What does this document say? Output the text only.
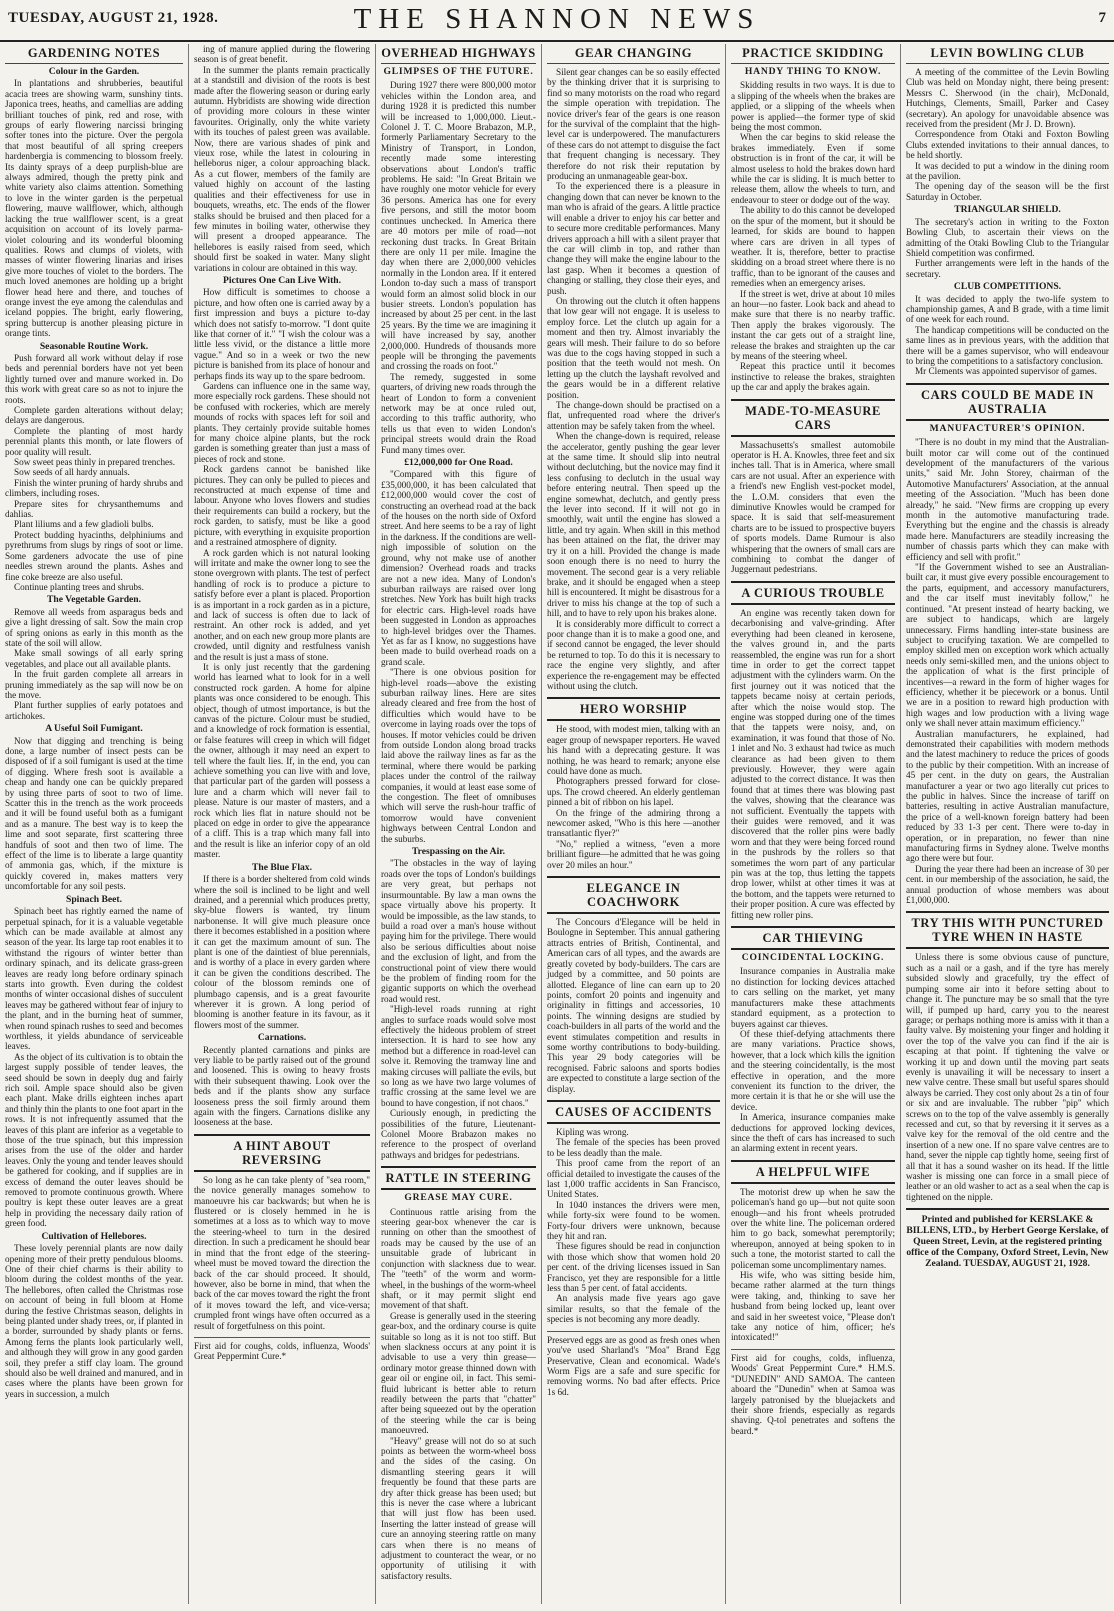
TUESDAY, AUGUST 21, 1928.	THE SHANNON NEWS	7
GARDENING NOTES
Colour in the Garden.
In plantations and shrubberies, beautiful acacia trees are showing warm, sunshiny tints. Japonica trees, heaths, and camellias are adding brilliant touches of pink, red and rose, with groups of early flowering narcissi bringing softer tones into the picture. Over the pergola that most beautiful of all spring creepers hardenbergia is commencing to blossom freely. Its dainty sprays of a deep purplish-blue are always admired, though the pretty pink and white variety also claims attention. Something to love in the winter garden is the perpetual flowering, mauve wallflower, which, although lacking the true wallflower scent, is a great acquisition on account of its lovely parma-violet colouring and its wonderful blooming qualities. Rows and clumps of violets, with masses of winter flowering linarias and irises give more touches of violet to the borders. The much loved anemones are holding up a bright flower head here and there, and touches of orange invest the eye among the calendulas and iceland poppies. The bright, early flowering, spring buttercup is another pleasing picture in orange tints.
Seasonable Routine Work.
Push forward all work without delay if rose beds and perennial borders have not yet been lightly turned over and manure worked in. Do this work with great care so as not to injure the roots.
Complete garden alterations without delay; delays are dangerous.
Complete the planting of most hardy perennial plants this month, or late flowers of poor quality will result.
Sow sweet peas thinly in prepared trenches.
Sow seeds of all hardy annuals.
Finish the winter pruning of hardy shrubs and climbers, including roses.
Prepare sites for chrysanthemums and dahlias.
Plant liliums and a few gladioli bulbs.
Protect budding hyacinths, delphiniums and pyrethrums from slugs by rings of soot or lime. Some gardeners advocate the use of pine needles strewn around the plants. Ashes and fine coke breeze are also useful.
Continue planting trees and shrubs.
The Vegetable Garden.
Remove all weeds from asparagus beds and give a light dressing of salt. Sow the main crop of spring onions as early in this month as the state of the soil will allow.
Make small sowings of all early spring vegetables, and place out all available plants.
In the fruit garden complete all arrears in pruning immediately as the sap will now be on the move.
Plant further supplies of early potatoes and artichokes.
A Useful Soil Fumigant.
Now that digging and trenching is being done, a large number of insect pests can be disposed of if a soil fumigant is used at the time of digging. Where fresh soot is available a cheap and handy one can be quickly prepared by using three parts of soot to two of lime. Scatter this in the trench as the work proceeds and it will be found useful both as a fumigant and as a manure. The best way is to keep the lime and soot separate, first scattering three handfuls of soot and then two of lime. The effect of the lime is to liberate a large quantity of ammonia gas, which, if the mixture is quickly covered in, makes matters very uncomfortable for any soil pests.
Spinach Beet.
Spinach beet has rightly earned the name of perpetual spinach, for it is a valuable vegetable which can be made available at almost any season of the year. Its large tap root enables it to withstand the rigours of winter better than ordinary spinach, and its delicate grass-green leaves are ready long before ordinary spinach starts into growth. Even during the coldest months of winter occasional dishes of succulent leaves may be gathered without fear of injury to the plant, and in the burning heat of summer, when round spinach rushes to seed and becomes worthless, it yields abundance of serviceable leaves.
As the object of its cultivation is to obtain the largest supply possible of tender leaves, the seed should be sown in deeply dug and fairly rich soil. Ample space should also be given each plant. Make drills eighteen inches apart and thinly thin the plants to one foot apart in the rows. It is not infrequently assumed that the leaves of this plant are inferior as a vegetable to those of the true spinach, but this impression arises from the use of the older and harder leaves. Only the young and tender leaves should be gathered for cooking, and if supplies are in excess of demand the outer leaves should be removed to promote continuous growth. Where poultry is kept these outer leaves are a great help in providing the necessary daily ration of green food.
Cultivation of Hellebores.
These lovely perennial plants are now daily opening more of their pretty pendulous blooms. One of their chief charms is their ability to bloom during the coldest months of the year. The hellebores, often called the Christmas rose on account of being in full bloom at Home during the festive Christmas season, delights in being planted under shady trees, or, if planted in a border, surrounded by shady plants or ferns. Among ferns the plants look particularly well, and although they will grow in any good garden soil, they prefer a stiff clay loam. The ground should also be well drained and manured, and in cases where the plants have been grown for years in succession, a mulch
ing of manure applied during the flowering season is of great benefit.
In the summer the plants remain practically at a standstill and division of the roots is best made after the flowering season or during early autumn. Hybridists are showing wide direction of providing more colours in these winter favourites. Originally, only the white variety with its touches of palest green was available. Now, there are various shades of pink and vieux rose, while the latest in colouring in helleborus niger, a colour approaching black. As a cut flower, members of the family are valued highly on account of the lasting qualities and their effectiveness for use in bouquets, wreaths, etc. The ends of the flower stalks should be bruised and then placed for a few minutes in boiling water, otherwise they will present a drooped appearance. The hellebores is easily raised from seed, which should first be soaked in water. Many slight variations in colour are obtained in this way.
Pictures One Can Live With.
How difficult is sometimes to choose a picture, and how often one is carried away by a first impression and buys a picture to-day which does not satisfy to-morrow. "I dont quite like that corner of it." "I wish the colour was a little less vivid, or the distance a little more vague." And so in a week or two the new picture is banished from its place of honour and perhaps finds its way up to the spare bedroom.
Gardens can influence one in the same way, more especially rock gardens. These should not be confused with rockeries, which are merely mounds of rocks with spaces left for soil and plants. They certainly provide suitable homes for many choice alpine plants, but the rock garden is something greater than just a mass of pieces of rock and stone.
Rock gardens cannot be banished like pictures. They can only be pulled to pieces and reconstructed at much expense of time and labour. Anyone who loves flowers and studies their requirements can build a rockery, but the rock garden, to satisfy, must be like a good picture, with everything in exquisite proportion and a restrained atmosphere of dignity.
A rock garden which is not natural looking will irritate and make the owner long to see the stone overgrown with plants. The test of perfect handling of rock is to produce a picture to satisfy before ever a plant is placed. Proportion is as important in a rock garden as in a picture, and lack of success is often due to lack of restraint. An other rock is added, and yet another, and on each new group more plants are crowded, until dignity and restfulness vanish and the result is just a mass of stone.
It is only just recently that the gardening world has learned what to look for in a well constructed rock garden. A home for alpine plants was once considered to be enough. This object, though of utmost importance, is but the canvas of the picture. Colour must be studied, and a knowledge of rock formation is essential, or false features will creep in which will fidget the owner, although it may need an expert to tell where the fault lies. If, in the end, you can achieve something you can live with and love, that particular part of the garden will possess a lure and a charm which will never fail to please. Nature is our master of masters, and a rock which lies flat in nature should not be placed on edge in order to give the appearance of a cliff. This is a trap which many fall into and the result is like an inferior copy of an old master.
The Blue Flax.
If there is a border sheltered from cold winds where the soil is inclined to be light and well drained, and a perennial which produces pretty, sky-blue flowers is wanted, try linum narbonense. It will give much pleasure once there it becomes established in a position where it can get the maximum amount of sun. The plant is one of the daintiest of blue perennials, and is worthy of a place in every garden where it can be given the conditions described. The colour of the blossom reminds one of plumbago capensis, and is a great favourite wherever it is grown. A long period of blooming is another feature in its favour, as it flowers most of the summer.
Carnations.
Recently planted carnations and pinks are very liable to be partly raised out of the ground and loosened. This is owing to heavy frosts with their subsequent thawing. Look over the beds and if the plants show any surface looseness press the soil firmly around them again with the fingers. Carnations dislike any looseness at the base.
A HINT ABOUT REVERSING
So long as he can take plenty of "sea room," the novice generally manages somehow to manoeuvre his car backwards; but when he is flustered or is closely hemmed in he is sometimes at a loss as to which way to move the steering-wheel to turn in the desired direction. In such a predicament he should bear in mind that the front edge of the steering-wheel must be moved toward the direction the back of the car should proceed. It should, however, also be borne in mind, that when the back of the car moves toward the right the front of it moves toward the left, and vice-versa; crumpled front wings have often occurred as a result of forgetfulness on this point.
First aid for coughs, colds, influenza, Woods' Great Peppermint Cure.*
OVERHEAD HIGHWAYS
GLIMPSES OF THE FUTURE.
During 1927 there were 800,000 motor vehicles within the London area, and during 1928 it is predicted this number will be increased to 1,000,000. Lieut.-Colonel J. T. C. Moore Brabazon, M.P., formerly Parliamentary Secretary to the Ministry of Transport, in London, recently made some interesting observations about London's traffic problems. He said: "In Great Britain we have roughly one motor vehicle for every 36 persons. America has one for every five persons, and still the motor boom continues unchecked. In America there are 40 motors per mile of road—not reckoning dust tracks. In Great Britain there are only 11 per mile. Imagine the day when there are 2,000,000 vehicles normally in the London area. If it entered London to-day such a mass of transport would form an almost solid block in our busier streets. London's population has increased by about 25 per cent. in the last 25 years. By the time we are imagining it will have increased by say, another 2,000,000. Hundreds of thousands more people will be thronging the pavements and crossing the roads on foot."
The remedy, suggested in some quarters, of driving new roads through the heart of London to form a convenient network may be at once ruled out, according to this traffic authority, who tells us that even to widen London's principal streets would drain the Road Fund many times over.
£12,000,000 for One Road.
"Compared with this figure of £35,000,000, it has been calculated that £12,000,000 would cover the cost of constructing an overhead road at the back of the houses on the north side of Oxford street. And here seems to be a ray of light in the darkness. If the conditions are well-nigh impossible of solution on the ground, why not make use of another dimension? Overhead roads and tracks are not a new idea. Many of London's suburban railways are raised over long stretches. New York has built high tracks for electric cars. High-level roads have been suggested in London as approaches to high-level bridges over the Thames. Yet as far as I know, no suggestions have been made to build overhead roads on a grand scale.
"There is one obvious position for high-level roads—above the existing suburban railway lines. Here are sites already cleared and free from the host of difficulties which would have to be overcome in laying roads over the tops of houses. If motor vehicles could be driven from outside London along broad tracks laid above the railway lines as far as the terminal, where there would be parking places under the control of the railway companies, it would at least ease some of the congestion. The fleet of omnibuses which will serve the rush-hour traffic of tomorrow would have convenient highways between Central London and the suburbs.
Trespassing on the Air.
"The obstacles in the way of laying roads over the tops of London's buildings are very great, but perhaps not insurmountable. By law a man owns the space virtually above his property. It would be impossible, as the law stands, to build a road over a man's house without paying him for the privilege. There would also be serious difficulties about noise and the exclusion of light, and from the constructional point of view there would be the problem of finding room for the gigantic supports on which the overhead road would rest.
"High-level roads running at right angles to surface roads would solve most effectively the hideous problem of street intersection. It is hard to see how any method but a difference in road-level can solve it. Removing the tramway line and making circuses will palliate the evils, but so long as we have two large volumes of traffic crossing at the same level we are bound to have congestion, if not chaos."
Curiously enough, in predicting the possibilities of the future, Lieutenant-Colonel Moore Brabazon makes no reference to the prospect of overland pathways and bridges for pedestrians.
RATTLE IN STEERING
GREASE MAY CURE.
Continuous rattle arising from the steering gear-box whenever the car is running on other than the smoothest of roads may be caused by the use of an unsuitable grade of lubricant in conjunction with slackness due to wear. The "teeth" of the worm and worm-wheel, in the bushings of the worm-wheel shaft, or it may permit slight end movement of that shaft.
Grease is generally used in the steering gear-box, and the ordinary course is quite suitable so long as it is not too stiff. But when slackness occurs at any point it is advisable to use a very thin grease—ordinary motor grease thinned down with gear oil or engine oil, in fact. This semi-fluid lubricant is better able to return readily between the parts that "chatter" after being squeezed out by the operation of the steering while the car is being manoeuvred.
"Heavy" grease will not do so at such points as between the worm-wheel boss and the sides of the casing. On dismantling steering gears it will frequently be found that these parts are dry after thick grease has been used; but this is never the case where a lubricant that will just flow has been used. Inserting the latter instead of grease will cure an annoying steering rattle on many cars when there is no means of adjustment to counteract the wear, or no opportunity of utilising it with satisfactory results.
GEAR CHANGING
Silent gear changes can be so easily effected by the thinking driver that it is surprising to find so many motorists on the road who regard the simple operation with trepidation. The novice driver's fear of the gears is one reason for the survival of the complaint that the high-level car is underpowered. The manufacturers of these cars do not attempt to disguise the fact that frequent changing is necessary. They therefore do not risk their reputation by producing an unmanageable gear-box.
To the experienced there is a pleasure in changing down that can never be known to the man who is afraid of the gears. A little practice will enable a driver to enjoy his car better and to secure more creditable performances. Many drivers approach a hill with a silent prayer that the car will climb in top, and rather than change they will make the engine labour to the last gasp. When it becomes a question of changing or stalling, they close their eyes, and push.
On throwing out the clutch it often happens that low gear will not engage. It is useless to employ force. Let the clutch up again for a moment and then try. Almost invariably the gears will mesh. Their failure to do so before was due to the cogs having stopped in such a position that the teeth would not mesh. On letting up the clutch the layshaft revolved and the gears would be in a different relative position.
The change-down should be practised on a flat, unfrequented road where the driver's attention may be safely taken from the wheel.
When the change-down is required, release the accelerator, gently pushing the gear lever at the same time. It should slip into neutral without declutching, but the novice may find it less confusing to declutch in the usual way before entering neutral. Then speed up the engine somewhat, declutch, and gently press the lever into second. If it will not go in smoothly, wait until the engine has slowed a little, and try again. When skill in this method has been attained on the flat, the driver may try it on a hill. Provided the change is made soon enough there is no need to hurry the movement. The second gear is a very reliable brake, and it should be engaged when a steep hill is encountered. It might be disastrous for a driver to miss his change at the top of such a hill, and to have to rely upon his brakes alone.
It is considerably more difficult to correct a poor change than it is to make a good one, and if second cannot be engaged, the lever should be returned to top. To do this it is necessary to race the engine very slightly, and after experience the re-engagement may be effected without using the clutch.
HERO WORSHIP
He stood, with modest mien, talking with an eager group of newspaper reporters. He waved his hand with a deprecating gesture. It was nothing, he was heard to remark; anyone else could have done as much.
Photographers pressed forward for close-ups. The crowd cheered. An elderly gentleman pinned a bit of ribbon on his lapel.
On the fringe of the admiring throng a newcomer asked, "Who is this here —another transatlantic flyer?"
"No," replied a witness, "even a more brilliant figure—he admitted that he was going over 20 miles an hour."
ELEGANCE IN COACHWORK
The Concours d'Elegance will be held in Boulogne in September. This annual gathering attracts entries of British, Continental, and American cars of all types, and the awards are greatly coveted by body-builders. The cars are judged by a committee, and 50 points are allotted. Elegance of line can earn up to 20 points, comfort 20 points and ingenuity and originality in fittings and accessories, 10 points. The winning designs are studied by coach-builders in all parts of the world and the event stimulates competition and results in some worthy contributions to body-building. This year 29 body categories will be recognised. Fabric saloons and sports bodies are expected to constitute a large section of the display.
CAUSES OF ACCIDENTS
Kipling was wrong.
The female of the species has been proved to be less deadly than the male.
This proof came from the report of an official detailed to investigate the causes of the last 1,000 traffic accidents in San Francisco, United States.
In 1040 instances the drivers were men, while forty-six were found to be women. Forty-four drivers were unknown, because they hit and ran.
These figures should be read in conjunction with those which show that women hold 20 per cent. of the driving licenses issued in San Francisco, yet they are responsible for a little less than 5 per cent. of fatal accidents.
An analysis made five years ago gave similar results, so that the female of the species is not becoming any more deadly.
Preserved eggs are as good as fresh ones when you've used Sharland's "Moa" Brand Egg Preservative, Clean and economical. Wade's Worm Figs are a safe and sure specific for removing worms. No bad after effects. Price 1s 6d.
PRACTICE SKIDDING
HANDY THING TO KNOW.
Skidding results in two ways. It is due to a slipping of the wheels when the brakes are applied, or a slipping of the wheels when power is applied—the former type of skid being the most common.
When the car begins to skid release the brakes immediately. Even if some obstruction is in front of the car, it will be almost useless to hold the brakes down hard while the car is sliding. It is much better to release them, allow the wheels to turn, and endeavour to steer or dodge out of the way.
The ability to do this cannot be developed on the spur of the moment, but it should be learned, for skids are bound to happen where cars are driven in all types of weather. It is, therefore, better to practise skidding on a broad street where there is no traffic, than to be ignorant of the causes and remedies when an emergency arises.
If the street is wet, drive at about 10 miles an hour—no faster. Look back and ahead to make sure that there is no nearby traffic. Then apply the brakes vigorously. The instant the car gets out of a straight line, release the brakes and straighten up the car by means of the steering wheel.
Repeat this practice until it becomes instinctive to release the brakes, straighten up the car and apply the brakes again.
MADE-TO-MEASURE CARS
Massachusetts's smallest automobile operator is H. A. Knowles, three feet and six inches tall. That is in America, where small cars are not usual. After an experience with a friend's new English vest-pocket model, the L.O.M. considers that even the diminutive Knowles would be cramped for space. It is said that self-measurement charts are to be issued to prospective buyers of sports models. Dame Rumour is also whispering that the owners of small cars are combining to combat the danger of Juggernaut pedestrians.
A CURIOUS TROUBLE
An engine was recently taken down for decarbonising and valve-grinding. After everything had been cleaned in kerosene, the valves ground in, and the parts reassembled, the engine was run for a short time in order to get the correct tappet adjustment with the cylinders warm. On the first journey out it was noticed that the tappets became noisy at certain periods, after which the noise would stop. The engine was stopped during one of the times that the tappets were noisy, and, on examination, it was found that those of No. 1 inlet and No. 3 exhaust had twice as much clearance as had been given to them previously. However, they were again adjusted to the correct distance. It was then found that at times there was blowing past the valves, showing that the clearance was not sufficient. Eventually the tappets with their guides were removed, and it was discovered that the roller pins were badly worn and that they were being forced round in the pushrods by the rollers so that sometimes the worn part of any particular pin was at the top, thus letting the tappets drop lower, whilst at other times it was at the bottom, and the tappets were returned to their proper position. A cure was effected by fitting new roller pins.
CAR THIEVING
COINCIDENTAL LOCKING.
Insurance companies in Australia make no distinction for locking devices attached to cars selling on the market, yet many manufacturers make these attachments standard equipment, as a protection to buyers against car thieves.
Of these thief-defying attachments there are many variations. Practice shows, however, that a lock which kills the ignition and the steering coincidentally, is the most effective in operation, and the more convenient its function to the driver, the more certain it is that he or she will use the device.
In America, insurance companies make deductions for approved locking devices, since the theft of cars has increased to such an alarming extent in recent years.
A HELPFUL WIFE
The motorist drew up when he saw the policeman's hand go up—but not quite soon enough—and his front wheels protruded over the white line. The policeman ordered him to go back, somewhat peremptorily; whereupon, annoyed at being spoken to in such a tone, the motorist started to call the policeman some uncomplimentary names.
His wife, who was sitting beside him, became rather alarmed at the turn things were taking, and, thinking to save her husband from being locked up, leant over and said in her sweetest voice, "Please don't take any notice of him, officer; he's intoxicated!"
First aid for coughs, colds, influenza, Woods' Great Peppermint Cure.* H.M.S. "DUNEDIN" AND SAMOA. The canteen aboard the "Dunedin" when at Samoa was largely patronised by the bluejackets and their shore friends, especially as regards shaving. Q-tol penetrates and softens the beard.*
LEVIN BOWLING CLUB
A meeting of the committee of the Levin Bowling Club was held on Monday night, there being present: Messrs C. Sherwood (in the chair), McDonald, Hutchings, Clements, Smaill, Parker and Casey (secretary). An apology for unavoidable absence was received from the president (Mr J. D. Brown).
Correspondence from Otaki and Foxton Bowling Clubs extended invitations to their annual dances, to be held shortly.
It was decided to put a window in the dining room at the pavilion.
The opening day of the season will be the first Saturday in October.
TRIANGULAR SHIELD.
The secretary's action in writing to the Foxton Bowling Club, to ascertain their views on the admitting of the Otaki Bowling Club to the Triangular Shield competition was confirmed.
Further arrangements were left in the hands of the secretary.
CLUB COMPETITIONS.
It was decided to apply the two-life system to championship games, A and B grade, with a time limit of one week for each round.
The handicap competitions will be conducted on the same lines as in previous years, with the addition that there will be a games supervisor, who will endeavour to bring the competitions to a satisfactory conclusion.
Mr Clements was appointed supervisor of games.
CARS COULD BE MADE IN AUSTRALIA
MANUFACTURER'S OPINION.
"There is no doubt in my mind that the Australian-built motor car will come out of the continued development of the manufacturers of the various units," said Mr. John Storey, chairman of the Automotive Manufacturers' Association, at the annual meeting of the Association. "Much has been done already," he said. "New firms are cropping up every month in the automotive manufacturing trade. Everything but the engine and the chassis is already made here. Manufacturers are steadily increasing the number of chassis parts which they can make with efficiency and sell with profit."
"If the Government wished to see an Australian-built car, it must give every possible encouragement to the parts, equipment, and accessory manufacturers, and the car itself must inevitably follow," he continued. "At present instead of hearty backing, we are subject to handicaps, which are largely unnecessary. Firms handling inter-state business are subject to crucifying taxation. We are compelled to employ skilled men on exception work which actually needs only semi-skilled men, and the unions object to the application of what is the first principle of incentives—a reward in the form of higher wages for efficiency, whether it be piecework or a bonus. Until we are in a position to reward high production with high wages and low production with a living wage only we shall never attain maximum efficiency."
Australian manufacturers, he explained, had demonstrated their capabilities with modern methods and the latest machinery to reduce the prices of goods to the public by their competition. With an increase of 45 per cent. in the duty on gears, the Australian manufacturer a year or two ago literally cut prices to the public in halves. Since the increase of tariff on batteries, resulting in active Australian manufacture, the price of a well-known foreign battery had been reduced by 33 1-3 per cent. There were to-day in operation, or in preparation, no fewer than nine manufacturing firms in Sydney alone. Twelve months ago there were but four.
During the year there had been an increase of 30 per cent. in our membership of the association, he said, the annual production of whose members was about £1,000,000.
TRY THIS WITH PUNCTURED TYRE WHEN IN HASTE
Unless there is some obvious cause of puncture, such as a nail or a gash, and if the tyre has merely subsided slowly and gracefully, try the effect of pumping some air into it before setting about to change it. The puncture may be so small that the tyre will, if pumped up hard, carry you to the nearest garage; or perhaps nothing more is amiss with it than a faulty valve. By moistening your finger and holding it over the top of the valve you can find if the air is escaping at that point. If tightening the valve or working it up and down until the moving part seats evenly is unavailing it will be necessary to insert a new valve centre. These small but useful spares should always be carried. They cost only about 2s a tin of four or six and are invaluable. The rubber "pip" which screws on to the top of the valve assembly is generally recessed and cut, so that by reversing it it serves as a valve key for the removal of the old centre and the insertion of a new one. If no spare valve centres are to hand, sever the nipple cap tightly home, seeing first of all that it has a sound washer on its head. If the little washer is missing one can force in a small piece of leather or an old washer to act as a seal when the cap is tightened on the nipple.
Printed and published for KERSLAKE & BILLENS, LTD., by Herbert George Kerslake, of Queen Street, Levin, at the registered printing office of the Company, Oxford Street, Levin, New Zealand. TUESDAY, AUGUST 21, 1928.
